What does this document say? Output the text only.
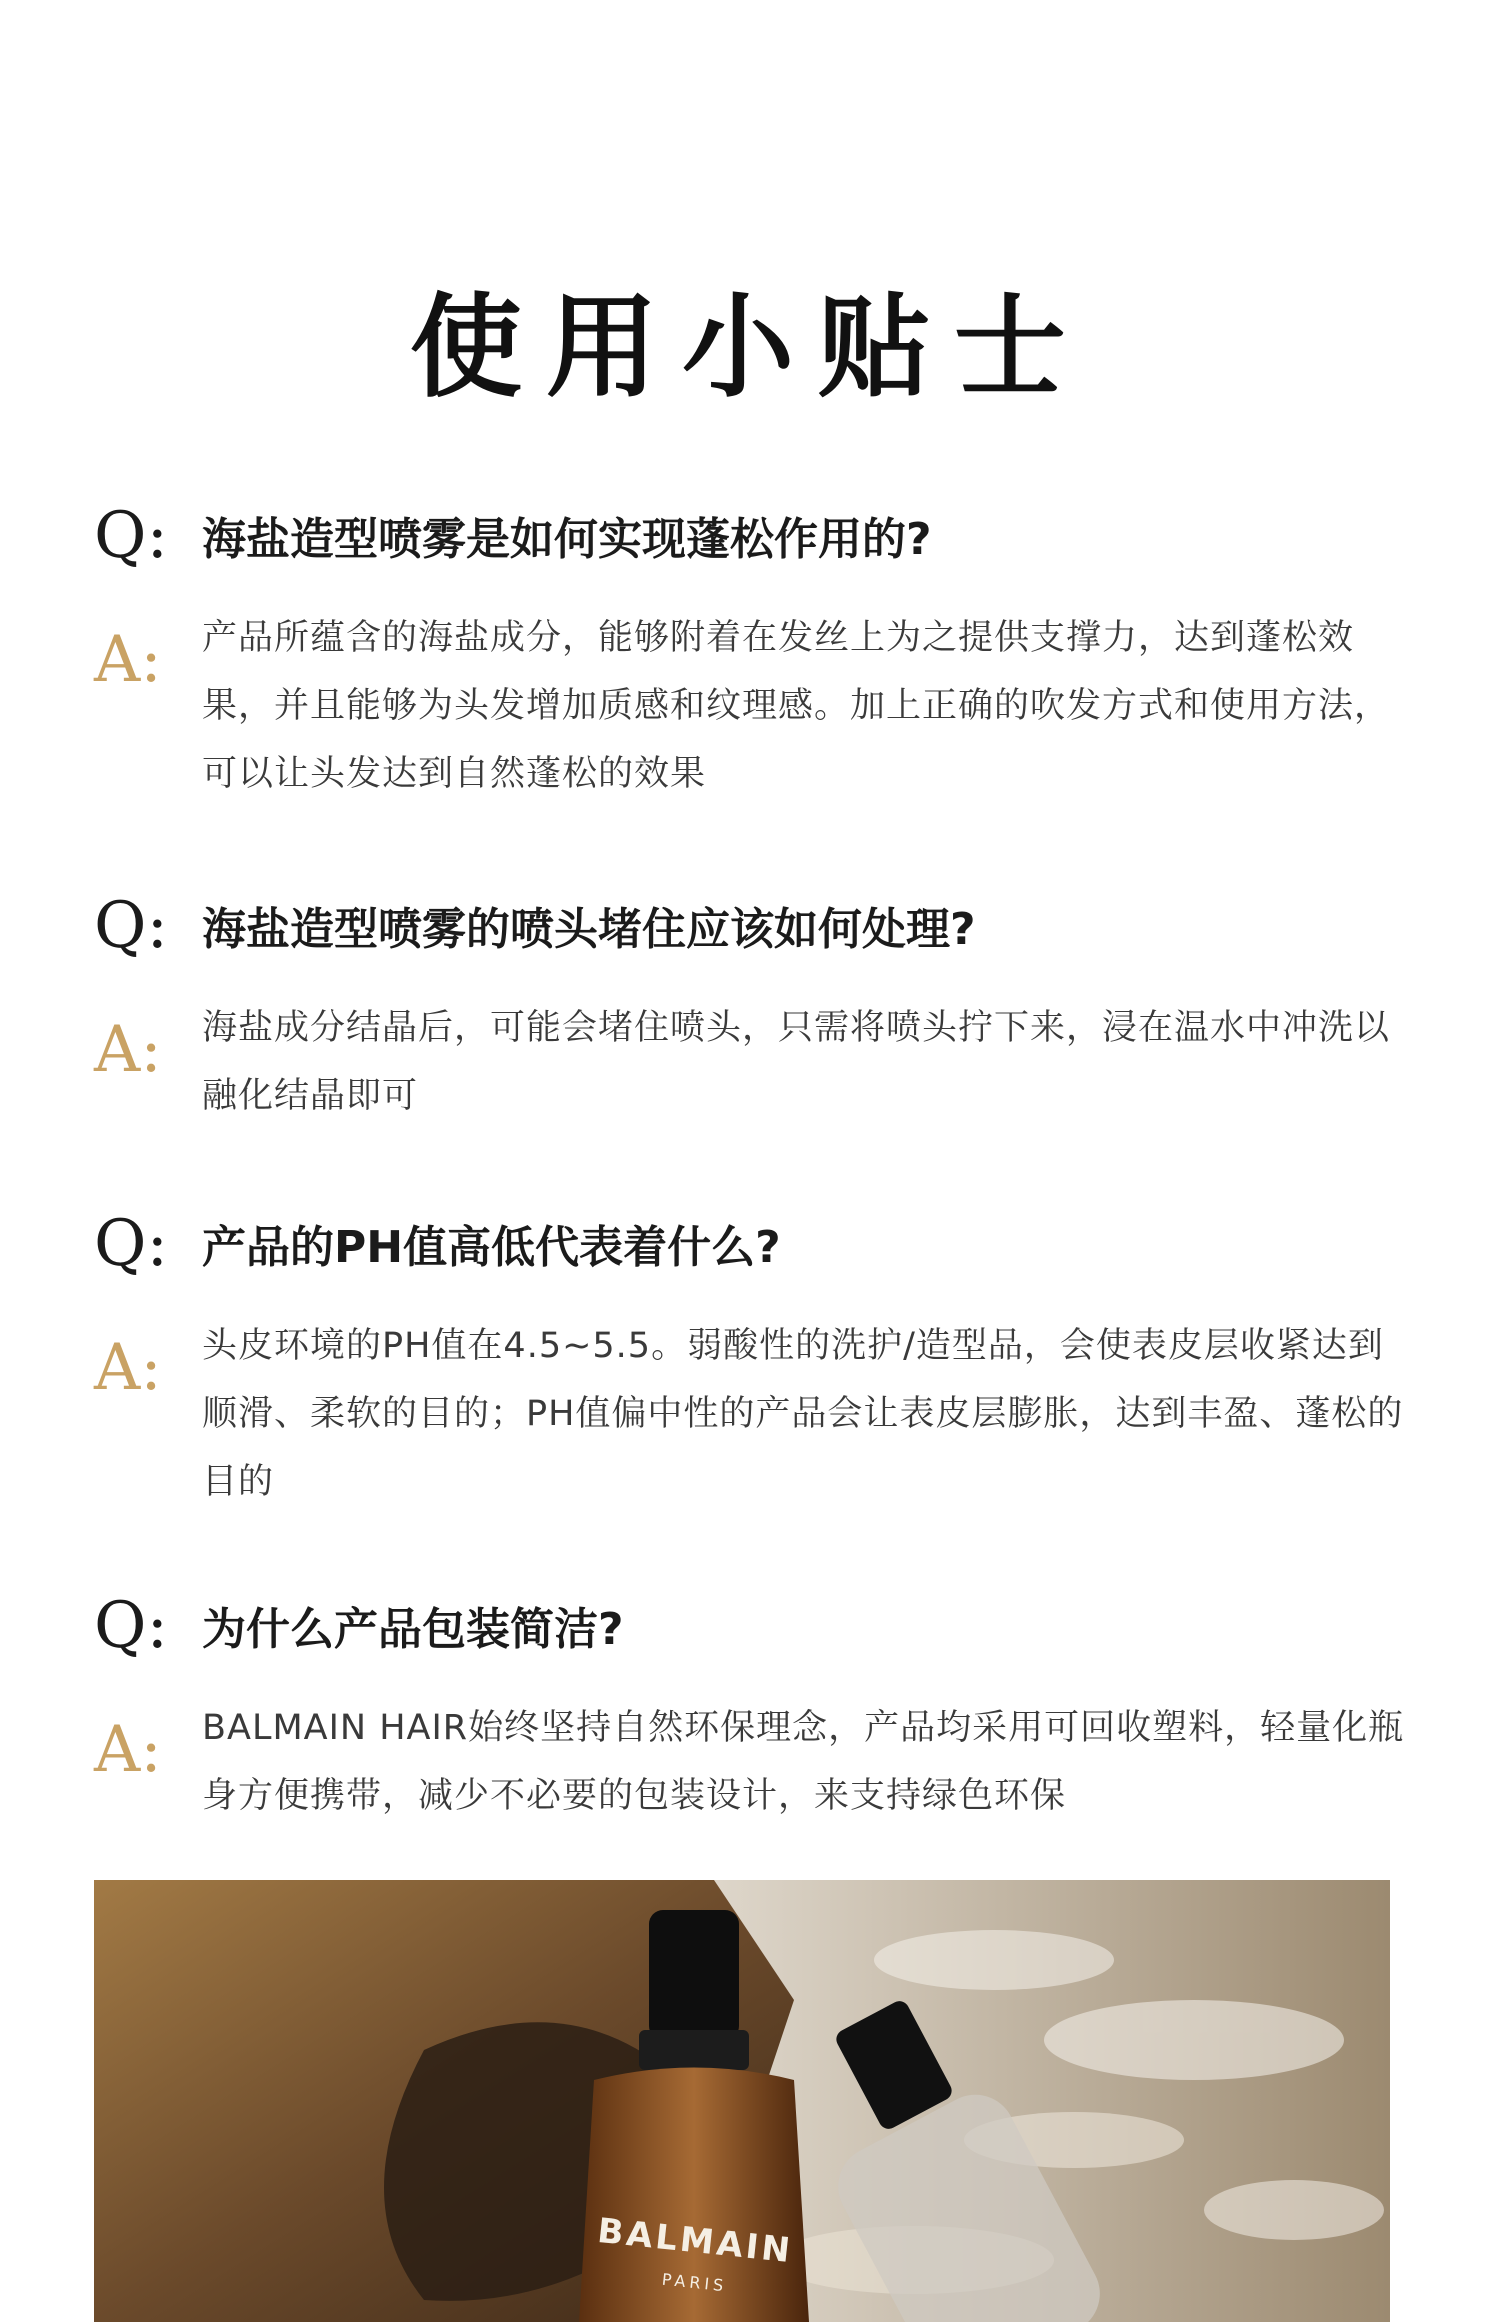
使用小贴士
Q: 海盐造型喷雾是如何实现蓬松作用的?
A: 产品所蕴含的海盐成分，能够附着在发丝上为之提供支撑力，达到蓬松效果，并且能够为头发增加质感和纹理感。加上正确的吹发方式和使用方法，可以让头发达到自然蓬松的效果
Q: 海盐造型喷雾的喷头堵住应该如何处理?
A: 海盐成分结晶后，可能会堵住喷头，只需将喷头拧下来，浸在温水中冲洗以融化结晶即可
Q: 产品的PH值高低代表着什么?
A: 头皮环境的PH值在4.5~5.5。弱酸性的洗护/造型品，会使表皮层收紧达到顺滑、柔软的目的；PH值偏中性的产品会让表皮层膨胀，达到丰盈、蓬松的目的
Q: 为什么产品包装简洁?
A: BALMAIN HAIR始终坚持自然环保理念，产品均采用可回收塑料，轻量化瓶身方便携带，减少不必要的包装设计，来支持绿色环保
BALMAIN
PARIS
